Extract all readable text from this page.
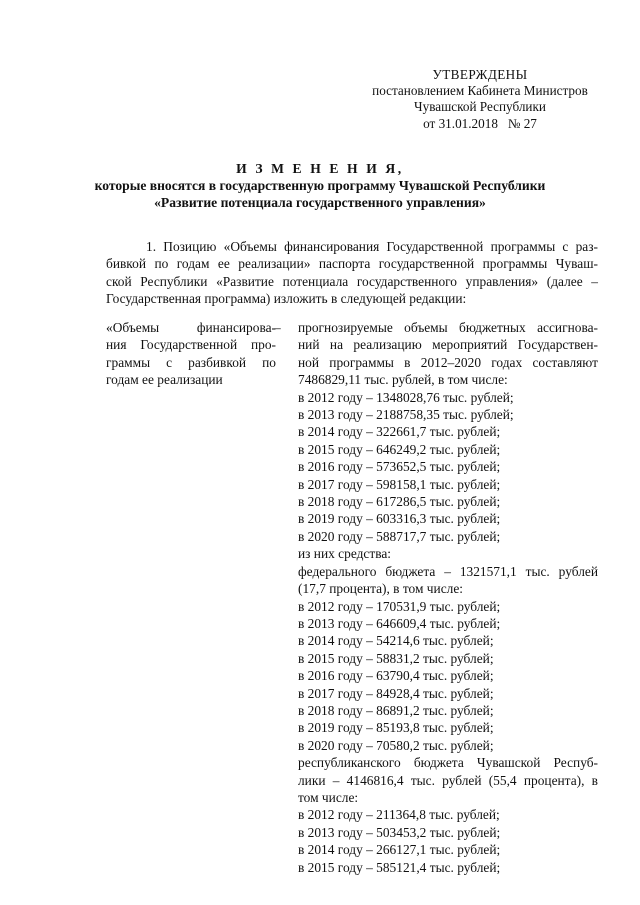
УТВЕРЖДЕНЫ
постановлением Кабинета Министров
Чувашской Республики
от 31.01.2018   № 27
И З М Е Н Е Н И Я,
которые вносятся в государственную программу Чувашской Республики
«Развитие потенциала государственного управления»
1. Позицию «Объемы финансирования Государственной программы с раз-
бивкой по годам ее реализации» паспорта государственной программы Чуваш-
ской Республики «Развитие потенциала государственного управления» (далее –
Государственная программа) изложить в следующей редакции:
«Объемы финансирова-
ния Государственной про-
граммы с разбивкой по
годам ее реализации
– прогнозируемые объемы бюджетных ассигнова-
ний на реализацию мероприятий Государствен-
ной программы в 2012–2020 годах составляют
7486829,11 тыс. рублей, в том числе:
в 2012 году – 1348028,76 тыс. рублей;
в 2013 году – 2188758,35 тыс. рублей;
в 2014 году – 322661,7 тыс. рублей;
в 2015 году – 646249,2 тыс. рублей;
в 2016 году – 573652,5 тыс. рублей;
в 2017 году – 598158,1 тыс. рублей;
в 2018 году – 617286,5 тыс. рублей;
в 2019 году – 603316,3 тыс. рублей;
в 2020 году – 588717,7 тыс. рублей;
из них средства:
федерального бюджета – 1321571,1 тыс. рублей
(17,7 процента), в том числе:
в 2012 году – 170531,9 тыс. рублей;
в 2013 году – 646609,4 тыс. рублей;
в 2014 году – 54214,6 тыс. рублей;
в 2015 году – 58831,2 тыс. рублей;
в 2016 году – 63790,4 тыс. рублей;
в 2017 году – 84928,4 тыс. рублей;
в 2018 году – 86891,2 тыс. рублей;
в 2019 году – 85193,8 тыс. рублей;
в 2020 году – 70580,2 тыс. рублей;
республиканского бюджета Чувашской Респуб-
лики – 4146816,4 тыс. рублей (55,4 процента), в
том числе:
в 2012 году – 211364,8 тыс. рублей;
в 2013 году – 503453,2 тыс. рублей;
в 2014 году – 266127,1 тыс. рублей;
в 2015 году – 585121,4 тыс. рублей;
